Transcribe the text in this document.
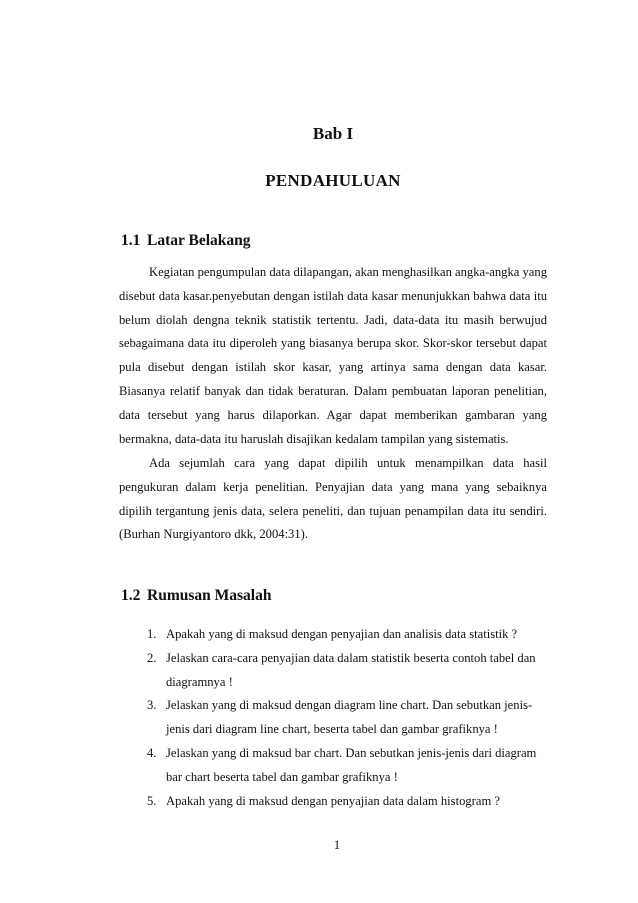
Bab I
PENDAHULUAN
1.1 Latar Belakang

Kegiatan pengumpulan data dilapangan, akan menghasilkan angka-angka yang disebut data kasar.penyebutan dengan istilah data kasar menunjukkan bahwa data itu belum diolah dengna teknik statistik tertentu. Jadi, data-data itu masih berwujud sebagaimana data itu diperoleh yang biasanya berupa skor. Skor-skor tersebut dapat pula disebut dengan istilah skor kasar, yang artinya sama dengan data kasar. Biasanya relatif banyak dan tidak beraturan. Dalam pembuatan laporan penelitian, data tersebut yang harus dilaporkan. Agar dapat memberikan gambaran yang bermakna, data-data itu haruslah disajikan kedalam tampilan yang sistematis.

Ada sejumlah cara yang dapat dipilih untuk menampilkan data hasil pengukuran dalam kerja penelitian. Penyajian data yang mana yang sebaiknya dipilih tergantung jenis data, selera peneliti, dan tujuan penampilan data itu sendiri. (Burhan Nurgiyantoro dkk, 2004:31).

1.2 Rumusan Masalah
1. Apakah yang di maksud dengan penyajian dan analisis data statistik ?
2. Jelaskan cara-cara penyajian data dalam statistik beserta contoh tabel dan diagramnya !
3. Jelaskan yang di maksud dengan diagram line chart. Dan sebutkan jenis-jenis dari diagram line chart, beserta tabel dan gambar grafiknya !
4. Jelaskan yang di maksud bar chart. Dan sebutkan jenis-jenis dari diagram bar chart beserta tabel dan gambar grafiknya !
5. Apakah yang di maksud dengan penyajian data dalam histogram ?
1
